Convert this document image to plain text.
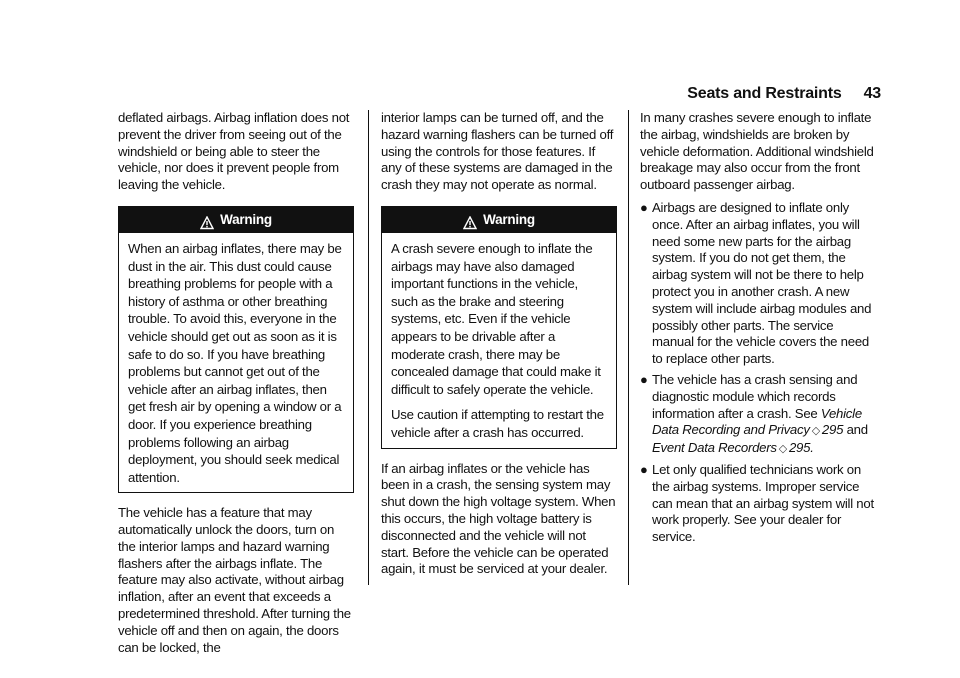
Seats and Restraints 43

deflated airbags. Airbag inflation does not prevent the driver from seeing out of the windshield or being able to steer the vehicle, nor does it prevent people from leaving the vehicle.

Warning

When an airbag inflates, there may be dust in the air. This dust could cause breathing problems for people with a history of asthma or other breathing trouble. To avoid this, everyone in the vehicle should get out as soon as it is safe to do so. If you have breathing problems but cannot get out of the vehicle after an airbag inflates, then get fresh air by opening a window or a door. If you experience breathing problems following an airbag deployment, you should seek medical attention.

The vehicle has a feature that may automatically unlock the doors, turn on the interior lamps and hazard warning flashers after the airbags inflate. The feature may also activate, without airbag inflation, after an event that exceeds a predetermined threshold. After turning the vehicle off and then on again, the doors can be locked, the

interior lamps can be turned off, and the hazard warning flashers can be turned off using the controls for those features. If any of these systems are damaged in the crash they may not operate as normal.

Warning

A crash severe enough to inflate the airbags may have also damaged important functions in the vehicle, such as the brake and steering systems, etc. Even if the vehicle appears to be drivable after a moderate crash, there may be concealed damage that could make it difficult to safely operate the vehicle.

Use caution if attempting to restart the vehicle after a crash has occurred.

If an airbag inflates or the vehicle has been in a crash, the sensing system may shut down the high voltage system. When this occurs, the high voltage battery is disconnected and the vehicle will not start. Before the vehicle can be operated again, it must be serviced at your dealer.

In many crashes severe enough to inflate the airbag, windshields are broken by vehicle deformation. Additional windshield breakage may also occur from the front outboard passenger airbag.

● Airbags are designed to inflate only once. After an airbag inflates, you will need some new parts for the airbag system. If you do not get them, the airbag system will not be there to help protect you in another crash. A new system will include airbag modules and possibly other parts. The service manual for the vehicle covers the need to replace other parts.
● The vehicle has a crash sensing and diagnostic module which records information after a crash. See Vehicle Data Recording and Privacy ◇ 295 and Event Data Recorders ◇ 295.
● Let only qualified technicians work on the airbag systems. Improper service can mean that an airbag system will not work properly. See your dealer for service.
